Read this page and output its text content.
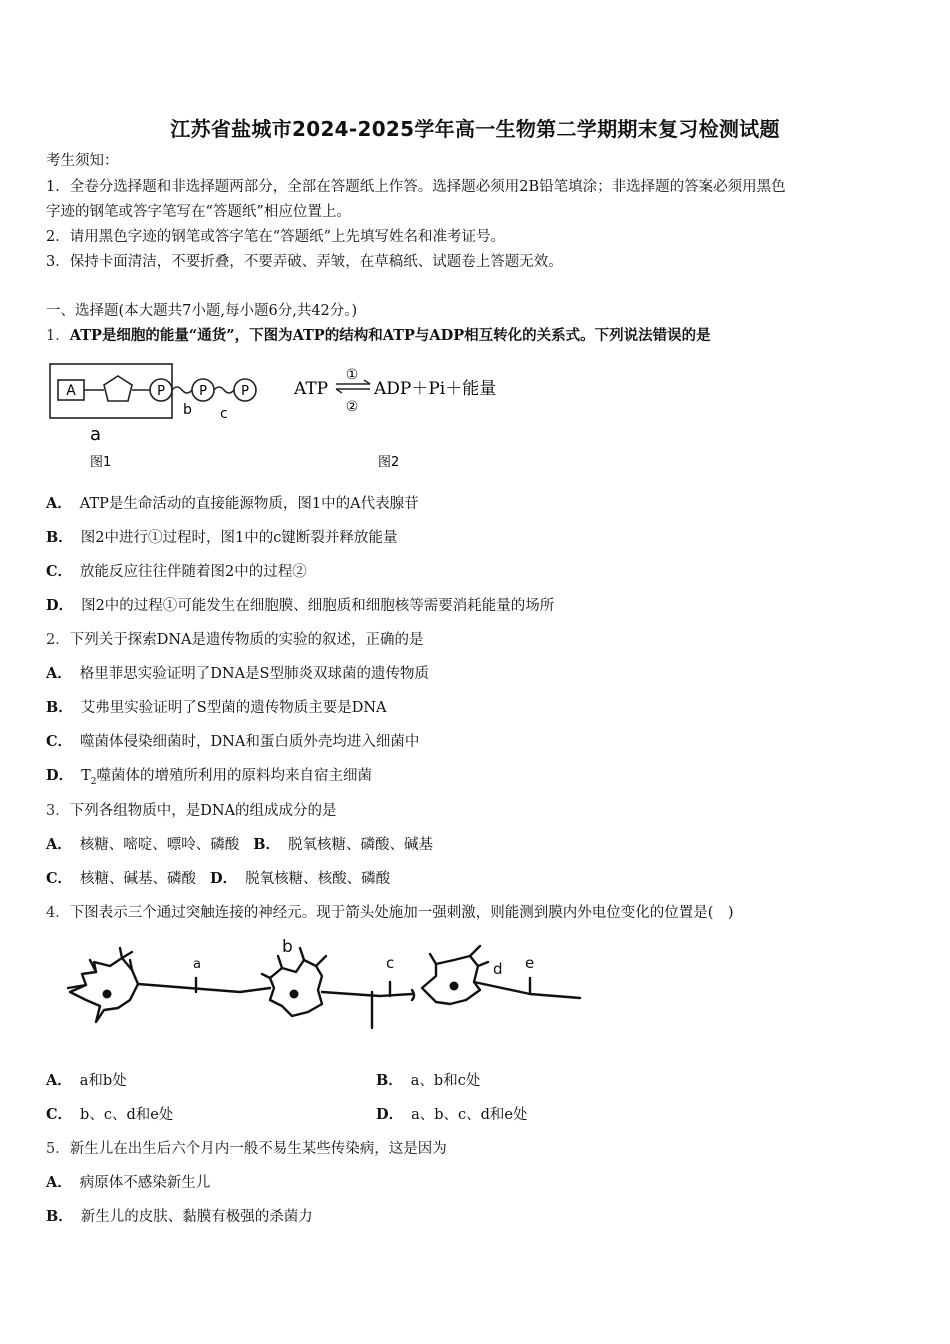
江苏省盐城市2024-2025学年高一生物第二学期期末复习检测试题
考生须知：
1．全卷分选择题和非选择题两部分，全部在答题纸上作答。选择题必须用2B铅笔填涂；非选择题的答案必须用黑色
字迹的钢笔或答字笔写在“答题纸”相应位置上。
2．请用黑色字迹的钢笔或答字笔在“答题纸”上先填写姓名和准考证号。
3．保持卡面清洁，不要折叠，不要弄破、弄皱，在草稿纸、试题卷上答题无效。
一、选择题(本大题共7小题,每小题6分,共42分。)
1．ATP是细胞的能量“通货”，下图为ATP的结构和ATP与ADP相互转化的关系式。下列说法错误的是
A	P	P	P
b c
a
图1
ATP
①
②
ADP＋Pi＋能量
图2
A． ATP是生命活动的直接能源物质，图1中的A代表腺苷
B． 图2中进行①过程时，图1中的c键断裂并释放能量
C． 放能反应往往伴随着图2中的过程②
D． 图2中的过程①可能发生在细胞膜、细胞质和细胞核等需要消耗能量的场所
2．下列关于探索DNA是遗传物质的实验的叙述，正确的是
A． 格里菲思实验证明了DNA是S型肺炎双球菌的遗传物质
B． 艾弗里实验证明了S型菌的遗传物质主要是DNA
C． 噬菌体侵染细菌时，DNA和蛋白质外壳均进入细菌中
D． $T_2$噬菌体的增殖所利用的原料均来自宿主细菌
3．下列各组物质中，是DNA的组成成分的是
A． 核糖、嘧啶、嘌呤、磷酸 B． 脱氧核糖、磷酸、碱基
C． 核糖、碱基、磷酸 D． 脱氧核糖、核酸、磷酸
4．下图表示三个通过突触连接的神经元。现于箭头处施加一强刺激，则能测到膜内外电位变化的位置是(　)
a
b
c	d e
A． a和b处	B． a、b和c处
C． b、c、d和e处	D． a、b、c、d和e处
5．新生儿在出生后六个月内一般不易生某些传染病，这是因为
A． 病原体不感染新生儿
B． 新生儿的皮肤、黏膜有极强的杀菌力
